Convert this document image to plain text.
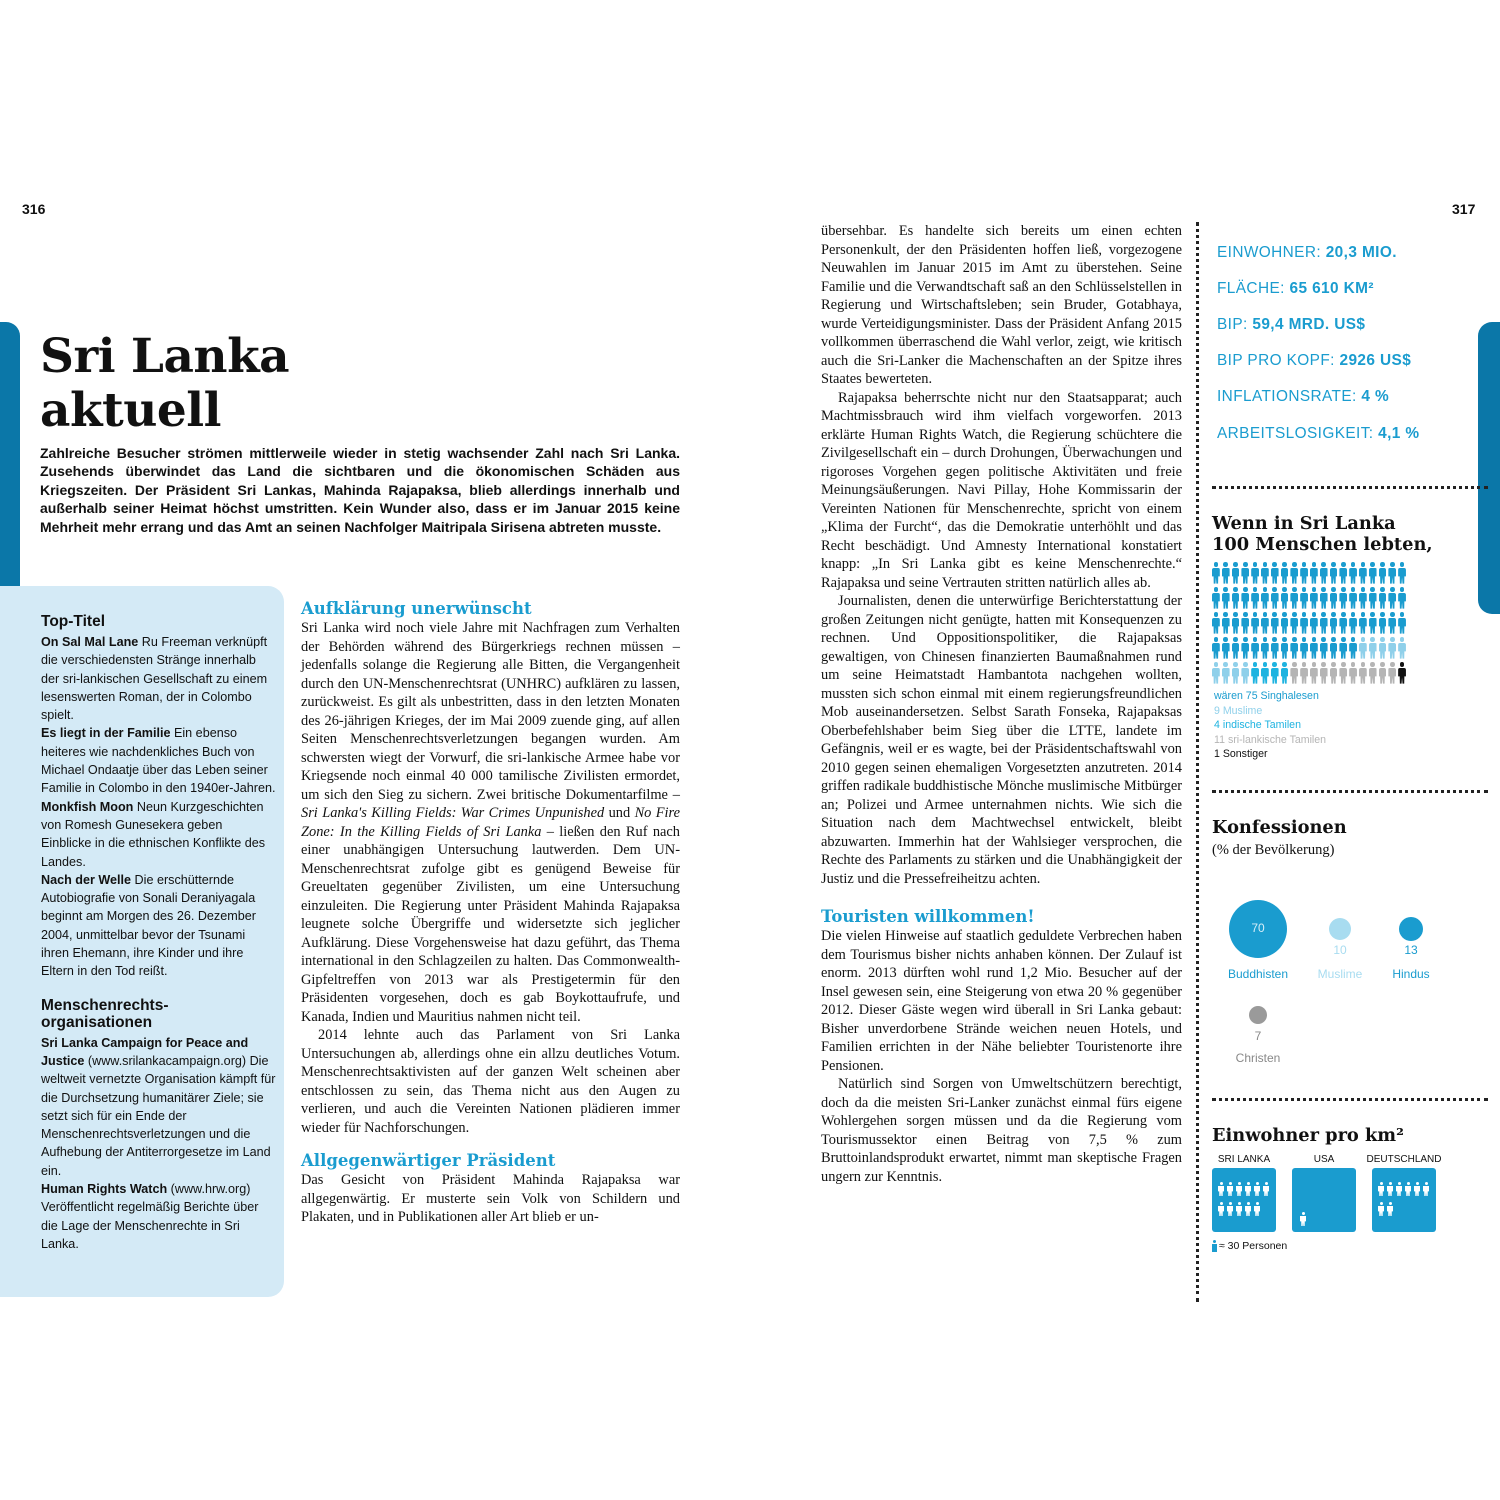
316	317
Sri Lanka
aktuell
Zahlreiche Besucher strömen mittlerweile wieder in stetig wachsender Zahl nach Sri Lanka. Zusehends überwindet das Land die sichtbaren und die ökonomischen Schäden aus Kriegszeiten. Der Präsident Sri Lankas, Mahinda Rajapaksa, blieb allerdings innerhalb und außerhalb seiner Heimat höchst umstritten. Kein Wunder also, dass er im Januar 2015 keine Mehrheit mehr errang und das Amt an seinen Nachfolger Maitripala Sirisena abtreten musste.
Top-Titel
On Sal Mal Lane Ru Freeman verknüpft die verschiedensten Stränge innerhalb der sri-lankischen Gesellschaft zu einem lesenswerten Roman, der in Colombo spielt.
Es liegt in der Familie Ein ebenso heiteres wie nachdenkliches Buch von Michael Ondaatje über das Leben seiner Familie in Colombo in den 1940er-Jahren.
Monkfish Moon Neun Kurzgeschichten von Romesh Gunesekera geben Einblicke in die ethnischen Konflikte des Landes.
Nach der Welle Die erschütternde Autobiografie von Sonali Deraniyagala beginnt am Morgen des 26. Dezember 2004, unmittelbar bevor der Tsunami ihren Ehemann, ihre Kinder und ihre Eltern in den Tod reißt.
Menschenrechts-organisationen
Sri Lanka Campaign for Peace and Justice (www.srilankacampaign.org) Die weltweit vernetzte Organisation kämpft für die Durchsetzung humanitärer Ziele; sie setzt sich für ein Ende der Menschenrechtsverletzungen und die Aufhebung der Antiterrorgesetze im Land ein.
Human Rights Watch (www.hrw.org) Veröffentlicht regelmäßig Berichte über die Lage der Menschenrechte in Sri Lanka.
Aufklärung unerwünscht

Sri Lanka wird noch viele Jahre mit Nachfragen zum Verhalten der Behörden während des Bürgerkriegs rechnen müssen – jedenfalls solange die Regierung alle Bitten, die Vergangenheit durch den UN-Menschenrechtsrat (UNHRC) aufklären zu lassen, zurückweist. Es gilt als unbestritten, dass in den letzten Monaten des 26-jährigen Krieges, der im Mai 2009 zuende ging, auf allen Seiten Menschenrechtsverletzungen begangen wurden. Am schwersten wiegt der Vorwurf, die sri-lankische Armee habe vor Kriegsende noch einmal 40 000 tamilische Zivilisten ermordet, um sich den Sieg zu sichern. Zwei britische Dokumentarfilme – Sri Lanka's Killing Fields: War Crimes Unpunished und No Fire Zone: In the Killing Fields of Sri Lanka – ließen den Ruf nach einer unabhängigen Untersuchung lautwerden. Dem UN-Menschenrechtsrat zufolge gibt es genügend Beweise für Greueltaten gegenüber Zivilisten, um eine Untersuchung einzuleiten. Die Regierung unter Präsident Mahinda Rajapaksa leugnete solche Übergriffe und widersetzte sich jeglicher Aufklärung. Diese Vorgehensweise hat dazu geführt, das Thema international in den Schlagzeilen zu halten. Das Commonwealth-Gipfeltreffen von 2013 war als Prestigetermin für den Präsidenten vorgesehen, doch es gab Boykottaufrufe, und Kanada, Indien und Mauritius nahmen nicht teil.

2014 lehnte auch das Parlament von Sri Lanka Untersuchungen ab, allerdings ohne ein allzu deutliches Votum. Menschenrechtsaktivisten auf der ganzen Welt scheinen aber entschlossen zu sein, das Thema nicht aus den Augen zu verlieren, und auch die Vereinten Nationen plädieren immer wieder für Nachforschungen.

Allgegenwärtiger Präsident

Das Gesicht von Präsident Mahinda Rajapaksa war allgegenwärtig. Er musterte sein Volk von Schildern und Plakaten, und in Publikationen aller Art blieb er un-

übersehbar. Es handelte sich bereits um einen echten Personenkult, der den Präsidenten hoffen ließ, vorgezogene Neuwahlen im Januar 2015 im Amt zu überstehen. Seine Familie und die Verwandtschaft saß an den Schlüsselstellen in Regierung und Wirtschaftsleben; sein Bruder, Gotabhaya, wurde Verteidigungsminister. Dass der Präsident Anfang 2015 vollkommen überraschend die Wahl verlor, zeigt, wie kritisch auch die Sri-Lanker die Machenschaften an der Spitze ihres Staates bewerteten.

Rajapaksa beherrschte nicht nur den Staatsapparat; auch Machtmissbrauch wird ihm vielfach vorgeworfen. 2013 erklärte Human Rights Watch, die Regierung schüchtere die Zivilgesellschaft ein – durch Drohungen, Überwachungen und rigoroses Vorgehen gegen politische Aktivitäten und freie Meinungsäußerungen. Navi Pillay, Hohe Kommissarin der Vereinten Nationen für Menschenrechte, spricht von einem „Klima der Furcht“, das die Demokratie unterhöhlt und das Recht beschädigt. Und Amnesty International konstatiert knapp: „In Sri Lanka gibt es keine Menschenrechte.“ Rajapaksa und seine Vertrauten stritten natürlich alles ab.

Journalisten, denen die unterwürfige Berichterstattung der großen Zeitungen nicht genügte, hatten mit Konsequenzen zu rechnen. Und Oppositionspolitiker, die Rajapaksas gewaltigen, von Chinesen finanzierten Baumaßnahmen rund um seine Heimatstadt Hambantota nachgehen wollten, mussten sich schon einmal mit einem regierungsfreundlichen Mob auseinandersetzen. Selbst Sarath Fonseka, Rajapaksas Oberbefehlshaber beim Sieg über die LTTE, landete im Gefängnis, weil er es wagte, bei der Präsidentschaftswahl von 2010 gegen seinen ehemaligen Vorgesetzten anzutreten. 2014 griffen radikale buddhistische Mönche muslimische Mitbürger an; Polizei und Armee unternahmen nichts. Wie sich die Situation nach dem Machtwechsel entwickelt, bleibt abzuwarten. Immerhin hat der Wahlsieger versprochen, die Rechte des Parlaments zu stärken und die Unabhängigkeit der Justiz und die Pressefreiheitzu achten.

Touristen willkommen!

Die vielen Hinweise auf staatlich geduldete Verbrechen haben dem Tourismus bisher nichts anhaben können. Der Zulauf ist enorm. 2013 dürften wohl rund 1,2 Mio. Besucher auf der Insel gewesen sein, eine Steigerung von etwa 20 % gegenüber 2012. Dieser Gäste wegen wird überall in Sri Lanka gebaut: Bisher unverdorbene Strände weichen neuen Hotels, und Familien errichten in der Nähe beliebter Touristenorte ihre Pensionen.

Natürlich sind Sorgen von Umweltschützern berechtigt, doch da die meisten Sri-Lanker zunächst einmal fürs eigene Wohlergehen sorgen müssen und da die Regierung vom Tourismussektor einen Beitrag von 7,5 % zum Bruttoinlandsprodukt erwartet, nimmt man skeptische Fragen ungern zur Kenntnis.

EINWOHNER: 20,3 MIO.
FLÄCHE: 65 610 KM²
BIP: 59,4 MRD. US$
BIP PRO KOPF: 2926 US$
INFLATIONSRATE: 4 %
ARBEITSLOSIGKEIT: 4,1 %
Wenn in Sri Lanka
100 Menschen lebten,
wären 75 Singhalesen
9 Muslime
4 indische Tamilen
11 sri-lankische Tamilen
1 Sonstiger
Konfessionen
(% der Bevölkerung)
70
Buddhisten
10
Muslime
13
Hindus
7
Christen
Einwohner pro km²
SRI LANKA	USA	DEUTSCHLAND
≈ 30 Personen
